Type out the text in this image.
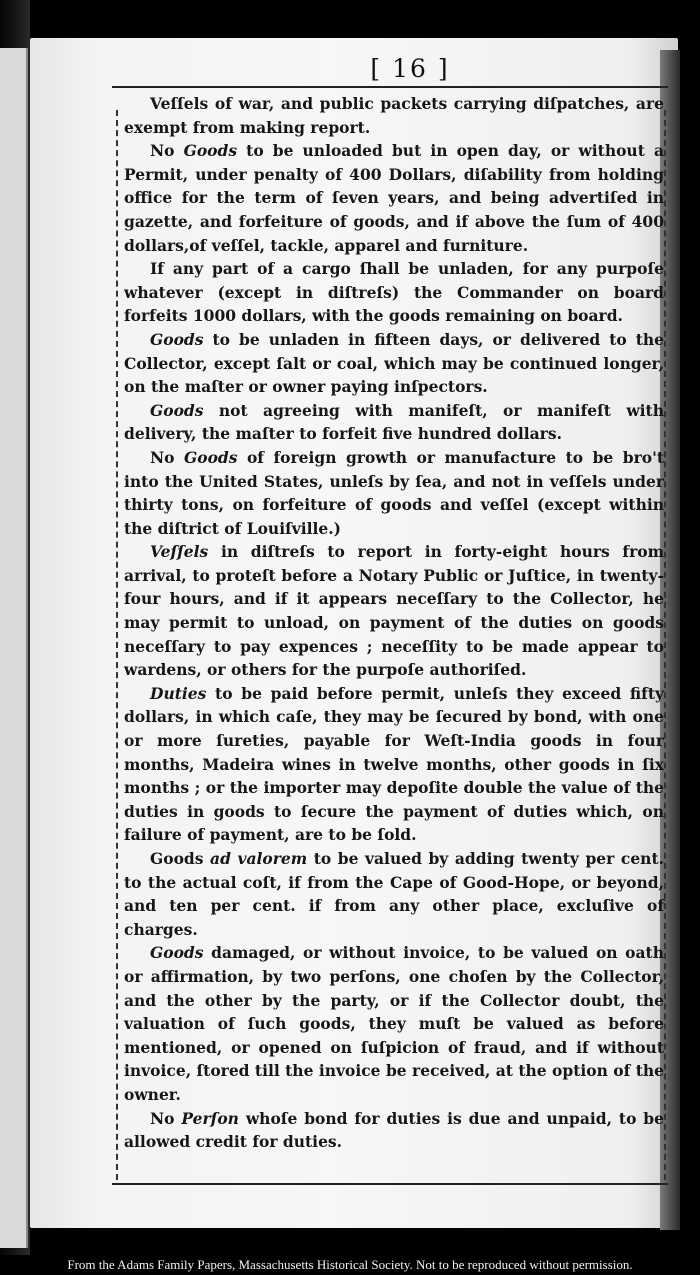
[ 16 ]

Veſſels of war, and public packets carrying diſpatches, are exempt from making report.

No Goods to be unloaded but in open day, or without a Permit, under penalty of 400 Dollars, diſability from holding office for the term of ſeven years, and being advertiſed in gazette, and forfeiture of goods, and if above the ſum of 400 dollars,of veſſel, tackle, apparel and furniture.

If any part of a cargo ſhall be unladen, for any purpoſe whatever (except in diſtreſs) the Commander on board forfeits 1000 dollars, with the goods remaining on board.

Goods to be unladen in fifteen days, or delivered to the Collector, except ſalt or coal, which may be continued longer, on the maſter or owner paying inſpectors.

Goods not agreeing with manifeſt, or manifeſt with delivery, the maſter to forfeit five hundred dollars.

No Goods of foreign growth or manufacture to be bro't into the United States, unleſs by ſea, and not in veſſels under thirty tons, on forfeiture of goods and veſſel (except within the diſtrict of Louiſville.)

Veſſels in diſtreſs to report in forty-eight hours from arrival, to proteſt before a Notary Public or Juſtice, in twenty-four hours, and if it appears neceſſary to the Collector, he may permit to unload, on payment of the duties on goods neceſſary to pay expences ; neceſſity to be made appear to wardens, or others for the purpoſe authoriſed.

Duties to be paid before permit, unleſs they exceed fifty dollars, in which caſe, they may be ſecured by bond, with one or more ſureties, payable for Weſt-India goods in four months, Madeira wines in twelve months, other goods in ſix months ; or the importer may depoſite double the value of the duties in goods to ſecure the payment of duties which, on failure of payment, are to be ſold.

Goods ad valorem to be valued by adding twenty per cent. to the actual coſt, if from the Cape of Good-Hope, or beyond, and ten per cent. if from any other place, excluſive of charges.

Goods damaged, or without invoice, to be valued on oath or affirmation, by two perſons, one choſen by the Collector, and the other by the party, or if the Collector doubt, the valuation of ſuch goods, they muſt be valued as before mentioned, or opened on ſuſpicion of fraud, and if without invoice, ſtored till the invoice be received, at the option of the owner.

No Perſon whoſe bond for duties is due and unpaid, to be allowed credit for duties.

From the Adams Family Papers, Massachusetts Historical Society. Not to be reproduced without permission.
